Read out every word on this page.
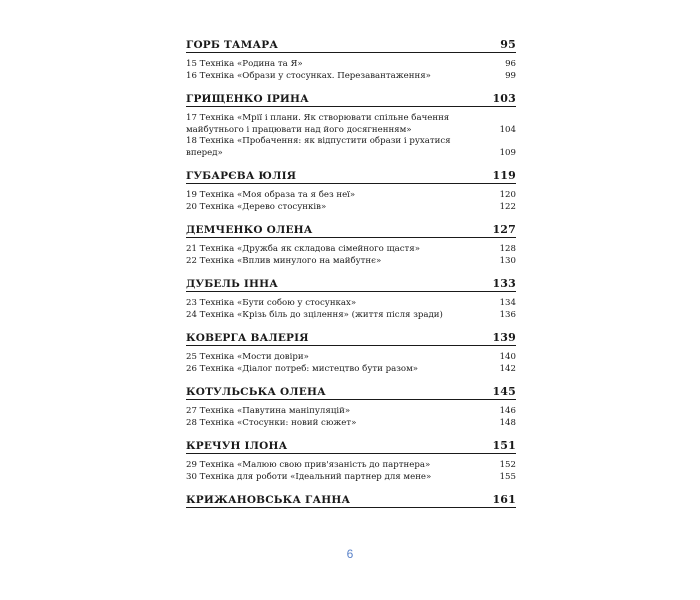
ГОРБ ТАМАРА	95
15 Техніка «Родина та Я»	96
16 Техніка «Образи у стосунках. Перезавантаження»	99
ГРИЩЕНКО ІРИНА	103
17 Техніка «Мрії і плани. Як створювати спільне бачення майбутнього і працювати над його досягненням»	104
18 Техніка «Пробачення: як відпустити образи і рухатися вперед»	109
ГУБАРЄВА ЮЛІЯ	119
19 Техніка «Моя образа та я без неї»	120
20 Техніка «Дерево стосунків»	122
ДЕМЧЕНКО ОЛЕНА	127
21 Техніка «Дружба як складова сімейного щастя»	128
22 Техніка «Вплив минулого на майбутнє»	130
ДУБЕЛЬ ІННА	133
23 Техніка «Бути собою у стосунках»	134
24 Техніка «Крізь біль до зцілення» (життя після зради)	136
КОВЕРГА ВАЛЕРІЯ	139
25 Техніка «Мости довіри»	140
26 Техніка «Діалог потреб: мистецтво бути разом»	142
КОТУЛЬСЬКА ОЛЕНА	145
27 Техніка «Павутина маніпуляцій»	146
28 Техніка «Стосунки: новий сюжет»	148
КРЕЧУН ІЛОНА	151
29 Техніка «Малюю свою прив'язаність до партнера»	152
30 Техніка для роботи «Ідеальний партнер для мене»	155
КРИЖАНОВСЬКА ГАННА	161
6
